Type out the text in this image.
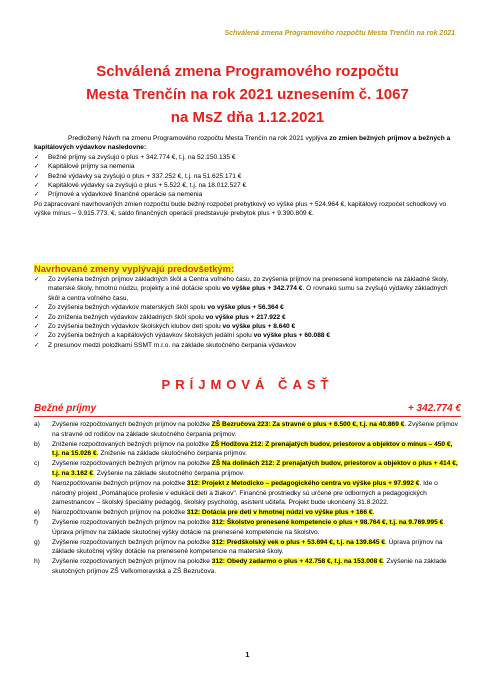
Schválená zmena Programového rozpočtu Mesta Trenčín na rok 2021
Schválená zmena Programového rozpočtu
Mesta Trenčín na rok 2021 uznesením č. 1067
na MsZ dňa 1.12.2021

Predložený Návrh na zmenu Programového rozpočtu Mesta Trenčín na rok 2021 vyplýva zo zmien bežných príjmov a bežných a kapitálových výdavkov nasledovne:

✓ Bežné príjmy sa zvyšujú o plus + 342.774 €, t.j. na 52.150.135 €
✓ Kapitálové príjmy sa nemenia
✓ Bežné výdavky sa zvyšujú o plus + 337.252 €, t.j. na 51.625.171 €
✓ Kapitálové výdavky sa zvyšujú o plus + 5.522 €, t.j. na 18.012.527 €
✓ Príjmové a výdavkové finančné operácie sa nemenia

Po zapracovaní navrhovaných zmien rozpočtu bude bežný rozpočet prebytkový vo výške plus + 524.964 €, kapitálový rozpočet schodkový vo výške mínus – 9.915.773. €, saldo finančných operácií predstavuje prebytok plus + 9.390.809 €.

Navrhované zmeny vyplývajú predovšetkým:
✓ Zo zvýšenia bežných príjmov základných škôl a Centra voľného času, zo zvýšenia príjmov na prenesené kompetencie na základné školy, materské školy, hmotnú núdzu, projekty a iné dotácie spolu vo výške plus + 342.774 €. O rovnakú sumu sa zvyšujú výdavky základných škôl a centra voľného času,
✓ Zo zvýšenia bežných výdavkov materských škôl spolu vo výške plus + 56.364 €
✓ Zo zníženia bežných výdavkov základných škôl spolu vo výške plus + 217.922 €
✓ Zo zvýšenia bežných výdavkov školských klubov detí spolu vo výške plus + 8.640 €
✓ Zo zvýšenia bežných a kapitálových výdavkov školských jedální spolu vo výške plus + 60.088 €
✓ Z presunov medzi položkami SSMT m.r.o. na základe skutočného čerpania výdavkov
PRÍJMOVÁ ČASŤ
Bežné príjmy	+ 342.774 €
a) Zvýšenie rozpočtovaných bežných príjmov na položke ZŠ Bezručova 223: Za stravné o plus + 6.500 €, t.j. na 40.869 €. Zvýšenie príjmov na stravné od rodičov na základe skutočného čerpania príjmov.
b) Zníženie rozpočtovaných bežných príjmov na položke ZŠ Hodžova 212: Z prenajatých budov, priestorov a objektov o mínus – 450 €, t.j. na 15.026 €. Zníženie na základe skutočného čerpania príjmov.
c) Zvýšenie rozpočtovaných bežných príjmov na položke ZŠ Na dolinách 212: Z prenajatých budov, priestorov a objektov o plus + 414 €, t.j. na 3.162 €. Zvýšenie na základe skutočného čerpania príjmov.
d) Narozpočtovanie bežných príjmov na položke 312: Projekt z Metodicko – pedagogického centra vo výške plus + 97.992 €. Ide o národný projekt „Pomáhajúce profesie v edukácii detí a žiakov". Finančné prostriedky sú určené pre odborných a pedagogických zamestnancov – školský špeciálny pedagóg, školský psychológ, asistent učiteľa. Projekt bude ukončený 31.8.2022.
e) Narozpočtovanie bežných príjmov na položke 312: Dotácia pre deti v hmotnej núdzi vo výške plus + 166 €.
f) Zvýšenie rozpočtovaných bežných príjmov na položke 312: Školstvo prenesené kompetencie o plus + 98.764 €, t.j. na 9.769.995 €. Úprava príjmov na základe skutočnej výšky dotácie na prenesené kompetencie na školstvo.
g) Zvýšenie rozpočtovaných bežných príjmov na položke 312: Predškolský vek o plus + 53.694 €, t.j. na 139.845 €. Úprava príjmov na základe skutočnej výšky dotácie na prenesené kompetencie na materské školy.
h) Zvýšenie rozpočtovaných bežných príjmov na položke 312: Obedy zadarmo o plus + 42.758 €, t.j. na 153.008 €. Zvýšenie na základe skutočných príjmov ZŠ Veľkomoravská a ZŠ Bezručova.
1
